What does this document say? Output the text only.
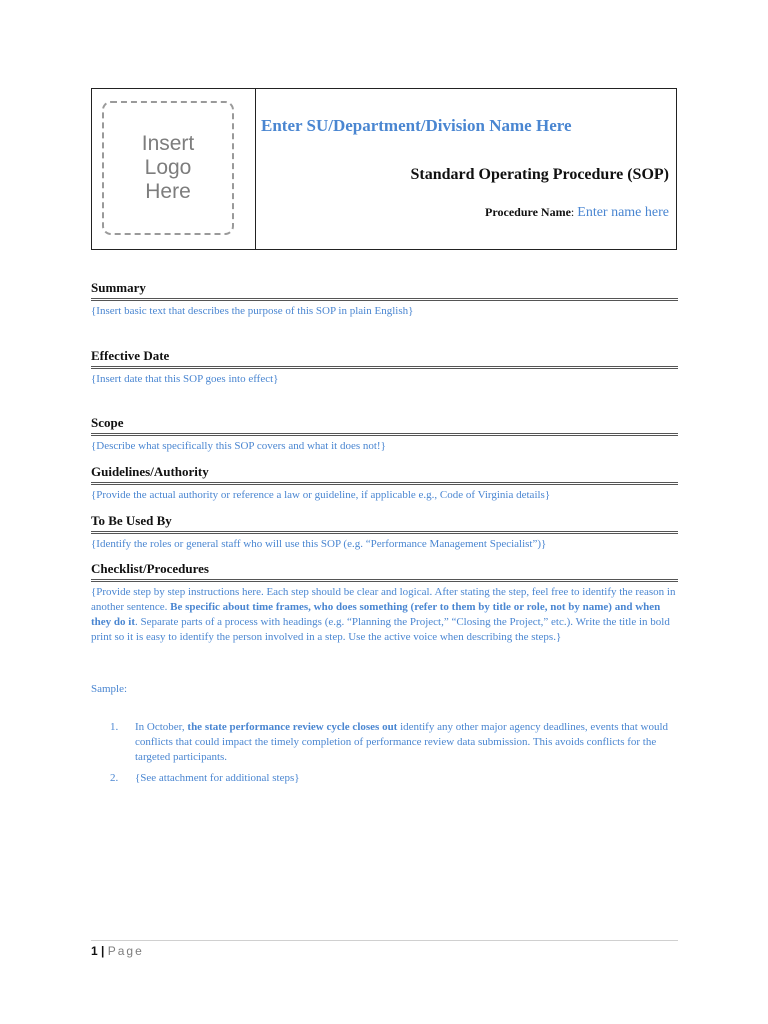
Insert
Logo
Here
Enter SU/Department/Division Name Here
Standard Operating Procedure (SOP)
Procedure Name: Enter name here
Summary
{Insert basic text that describes the purpose of this SOP in plain English}
Effective Date
{Insert date that this SOP goes into effect}
Scope
{Describe what specifically this SOP covers and what it does not!}
Guidelines/Authority
{Provide the actual authority or reference a law or guideline, if applicable e.g., Code of Virginia details}
To Be Used By
{Identify the roles or general staff who will use this SOP (e.g. “Performance Management Specialist”)}
Checklist/Procedures
{Provide step by step instructions here. Each step should be clear and logical. After stating the step, feel free to identify the reason in another sentence. Be specific about time frames, who does something (refer to them by title or role, not by name) and when they do it. Separate parts of a process with headings (e.g. “Planning the Project,” “Closing the Project,” etc.). Write the title in bold print so it is easy to identify the person involved in a step. Use the active voice when describing the steps.}
Sample:
1. In October, the state performance review cycle closes out identify any other major agency deadlines, events that would conflicts that could impact the timely completion of performance review data submission. This avoids conflicts for the targeted participants.
2. {See attachment for additional steps}
1 | Page
